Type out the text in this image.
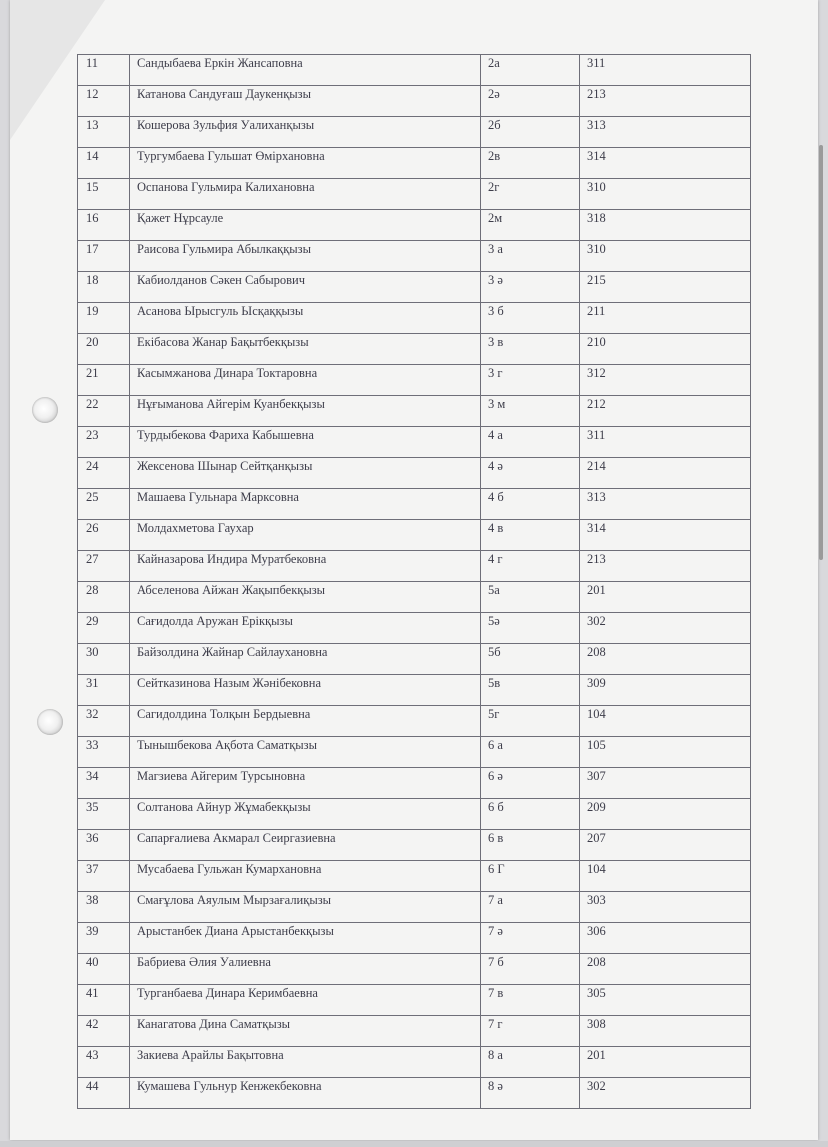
11	Сандыбаева Еркін Жансаповна	2а	311
12	Катанова Сандуғаш Даукенқызы	2ә	213
13	Кошерова Зульфия Уалиханқызы	2б	313
14	Тургумбаева Гульшат Өмірхановна	2в	314
15	Оспанова Гульмира Калихановна	2г	310
16	Қажет Нұрсауле	2м	318
17	Раисова Гульмира Абылкаққызы	3 а	310
18	Кабиолданов Сәкен Сабырович	3 ә	215
19	Асанова Ырысгуль Ысқаққызы	3 б	211
20	Екібасова Жанар Бақытбекқызы	3 в	210
21	Касымжанова Динара Токтаровна	3 г	312
22	Нұғыманова Айгерім Куанбекқызы	3 м	212
23	Турдыбекова Фариха Кабышевна	4 а	311
24	Жексенова Шынар Сейтқанқызы	4 ә	214
25	Машаева Гульнара Марксовна	4 б	313
26	Молдахметова Гаухар	4 в	314
27	Кайназарова Индира Муратбековна	4 г	213
28	Абселенова Айжан Жақыпбекқызы	5а	201
29	Сағидолда Аружан Ерікқызы	5ә	302
30	Байзолдина Жайнар Сайлаухановна	5б	208
31	Сейтказинова Назым Жәнібековна	5в	309
32	Сагидолдина Толқын Бердыевна	5г	104
33	Тынышбекова Ақбота Саматқызы	6 а	105
34	Магзиева Айгерим Турсыновна	6 ә	307
35	Солтанова Айнур Жұмабекқызы	6 б	209
36	Сапарғалиева Акмарал Сеиргазиевна	6 в	207
37	Мусабаева Гульжан Кумархановна	6 Г	104
38	Смағұлова Аяулым Мырзағалиқызы	7 а	303
39	Арыстанбек Диана Арыстанбекқызы	7 ә	306
40	Бабриева Әлия Уалиевна	7 б	208
41	Турганбаева Динара Керимбаевна	7 в	305
42	Канагатова Дина Саматқызы	7 г	308
43	Закиева Арайлы Бақытовна	8 а	201
44	Кумашева Гульнур Кенжекбековна	8 ә	302
